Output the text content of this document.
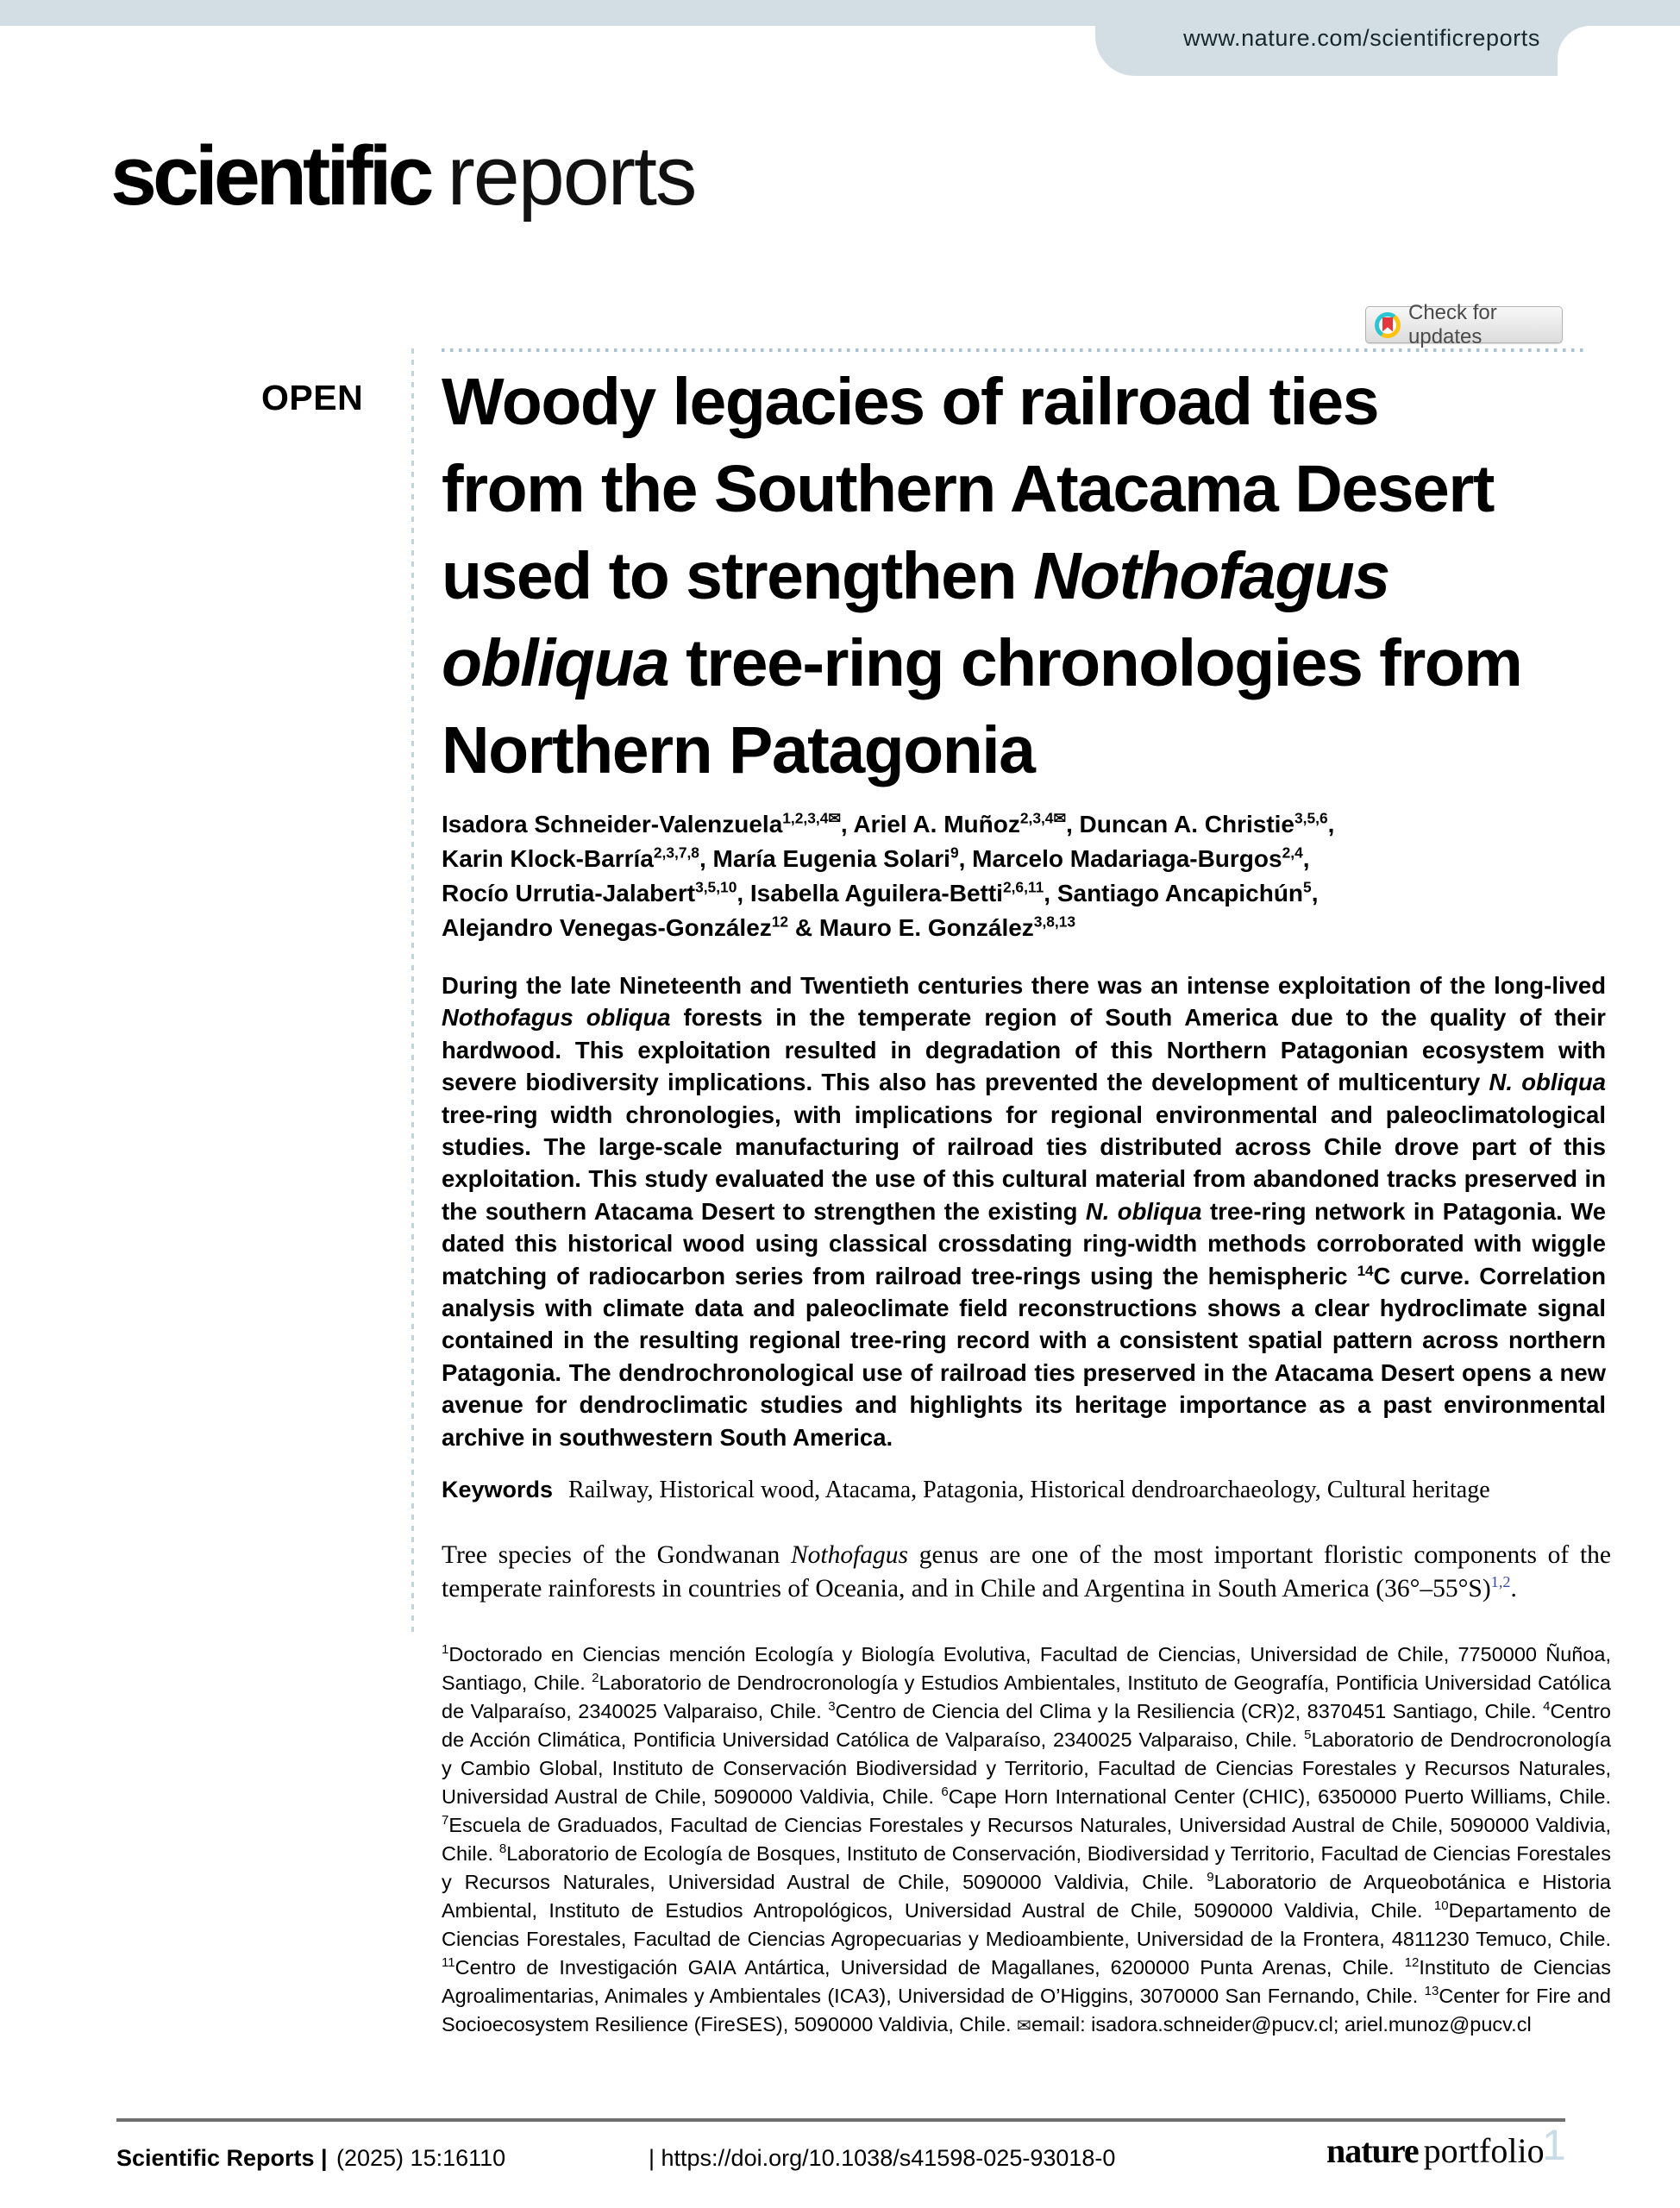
www.nature.com/scientificreports
scientific reports
Check for updates
OPEN Woody legacies of railroad ties
from the Southern Atacama Desert
used to strengthen Nothofagus
obliqua tree-ring chronologies from
Northern Patagonia
Isadora Schneider-Valenzuela$^{1,2,3,4✉}$, Ariel A. Muñoz$^{2,3,4✉}$, Duncan A. Christie$^{3,5,6}$,
Karin Klock-Barría$^{2,3,7,8}$, María Eugenia Solari$^9$, Marcelo Madariaga-Burgos$^{2,4}$,
Rocío Urrutia-Jalabert$^{3,5,10}$, Isabella Aguilera-Betti$^{2,6,11}$, Santiago Ancapichún$^5$,
Alejandro Venegas-González$^{12}$ & Mauro E. González$^{3,8,13}$
During the late Nineteenth and Twentieth centuries there was an intense exploitation of the long-lived Nothofagus obliqua forests in the temperate region of South America due to the quality of their hardwood. This exploitation resulted in degradation of this Northern Patagonian ecosystem with severe biodiversity implications. This also has prevented the development of multicentury N. obliqua tree-ring width chronologies, with implications for regional environmental and paleoclimatological studies. The large-scale manufacturing of railroad ties distributed across Chile drove part of this exploitation. This study evaluated the use of this cultural material from abandoned tracks preserved in the southern Atacama Desert to strengthen the existing N. obliqua tree-ring network in Patagonia. We dated this historical wood using classical crossdating ring-width methods corroborated with wiggle matching of radiocarbon series from railroad tree-rings using the hemispheric $^{14}$C curve. Correlation analysis with climate data and paleoclimate field reconstructions shows a clear hydroclimate signal contained in the resulting regional tree-ring record with a consistent spatial pattern across northern Patagonia. The dendrochronological use of railroad ties preserved in the Atacama Desert opens a new avenue for dendroclimatic studies and highlights its heritage importance as a past environmental archive in southwestern South America.
Keywords Railway, Historical wood, Atacama, Patagonia, Historical dendroarchaeology, Cultural heritage
Tree species of the Gondwanan Nothofagus genus are one of the most important floristic components of the temperate rainforests in countries of Oceania, and in Chile and Argentina in South America (36°–55°S)$^{1,2}$.
$^1$Doctorado en Ciencias mención Ecología y Biología Evolutiva, Facultad de Ciencias, Universidad de Chile, 7750000 Ñuñoa, Santiago, Chile. $^2$Laboratorio de Dendrocronología y Estudios Ambientales, Instituto de Geografía, Pontificia Universidad Católica de Valparaíso, 2340025 Valparaiso, Chile. $^3$Centro de Ciencia del Clima y la Resiliencia (CR)2, 8370451 Santiago, Chile. $^4$Centro de Acción Climática, Pontificia Universidad Católica de Valparaíso, 2340025 Valparaiso, Chile. $^5$Laboratorio de Dendrocronología y Cambio Global, Instituto de Conservación Biodiversidad y Territorio, Facultad de Ciencias Forestales y Recursos Naturales, Universidad Austral de Chile, 5090000 Valdivia, Chile. $^6$Cape Horn International Center (CHIC), 6350000 Puerto Williams, Chile. $^7$Escuela de Graduados, Facultad de Ciencias Forestales y Recursos Naturales, Universidad Austral de Chile, 5090000 Valdivia, Chile. $^8$Laboratorio de Ecología de Bosques, Instituto de Conservación, Biodiversidad y Territorio, Facultad de Ciencias Forestales y Recursos Naturales, Universidad Austral de Chile, 5090000 Valdivia, Chile. $^9$Laboratorio de Arqueobotánica e Historia Ambiental, Instituto de Estudios Antropológicos, Universidad Austral de Chile, 5090000 Valdivia, Chile. $^{10}$Departamento de Ciencias Forestales, Facultad de Ciencias Agropecuarias y Medioambiente, Universidad de la Frontera, 4811230 Temuco, Chile. $^{11}$Centro de Investigación GAIA Antártica, Universidad de Magallanes, 6200000 Punta Arenas, Chile. $^{12}$Instituto de Ciencias Agroalimentarias, Animales y Ambientales (ICA3), Universidad de O’Higgins, 3070000 San Fernando, Chile. $^{13}$Center for Fire and Socioecosystem Resilience (FireSES), 5090000 Valdivia, Chile. ✉email: isadora.schneider@pucv.cl; ariel.munoz@pucv.cl
Scientific Reports | (2025) 15:16110	| https://doi.org/10.1038/s41598-025-93018-0	nature portfolio
1
